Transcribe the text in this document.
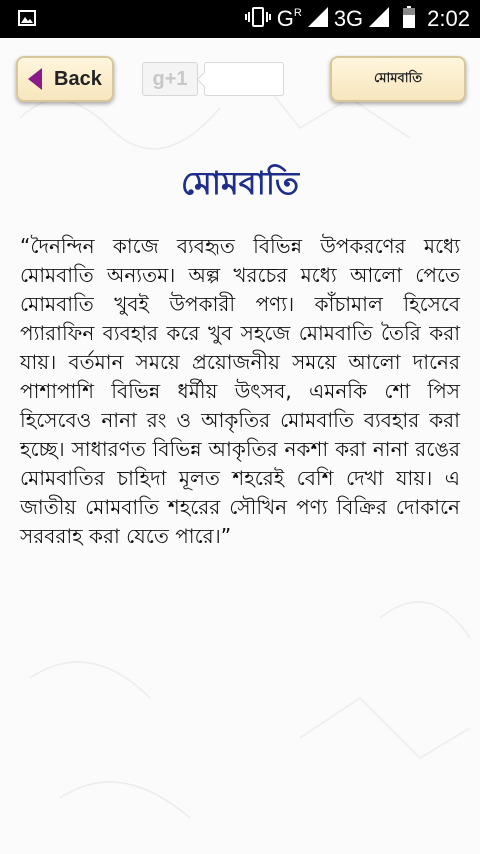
G R 3G	2:02
Back	g+1	মোমবাতি
মোমবাতি
“দৈনন্দিন কাজে ব্যবহৃত বিভিন্ন উপকরণের মধ্যে মোমবাতি অন্যতম। অল্প খরচের মধ্যে আলো পেতে মোমবাতি খুবই উপকারী পণ্য। কাঁচামাল হিসেবে প্যারাফিন ব্যবহার করে খুব সহজে মোমবাতি তৈরি করা যায়। বর্তমান সময়ে প্রয়োজনীয় সময়ে আলো দানের পাশাপাশি বিভিন্ন ধর্মীয় উৎসব, এমনকি শো পিস হিসেবেও নানা রং ও আকৃতির মোমবাতি ব্যবহার করা হচ্ছে। সাধারণত বিভিন্ন আকৃতির নকশা করা নানা রঙের মোমবাতির চাহিদা মূলত শহরেই বেশি দেখা যায়। এ জাতীয় মোমবাতি শহরের সৌখিন পণ্য বিক্রির দোকানে সরবরাহ করা যেতে পারে।”
